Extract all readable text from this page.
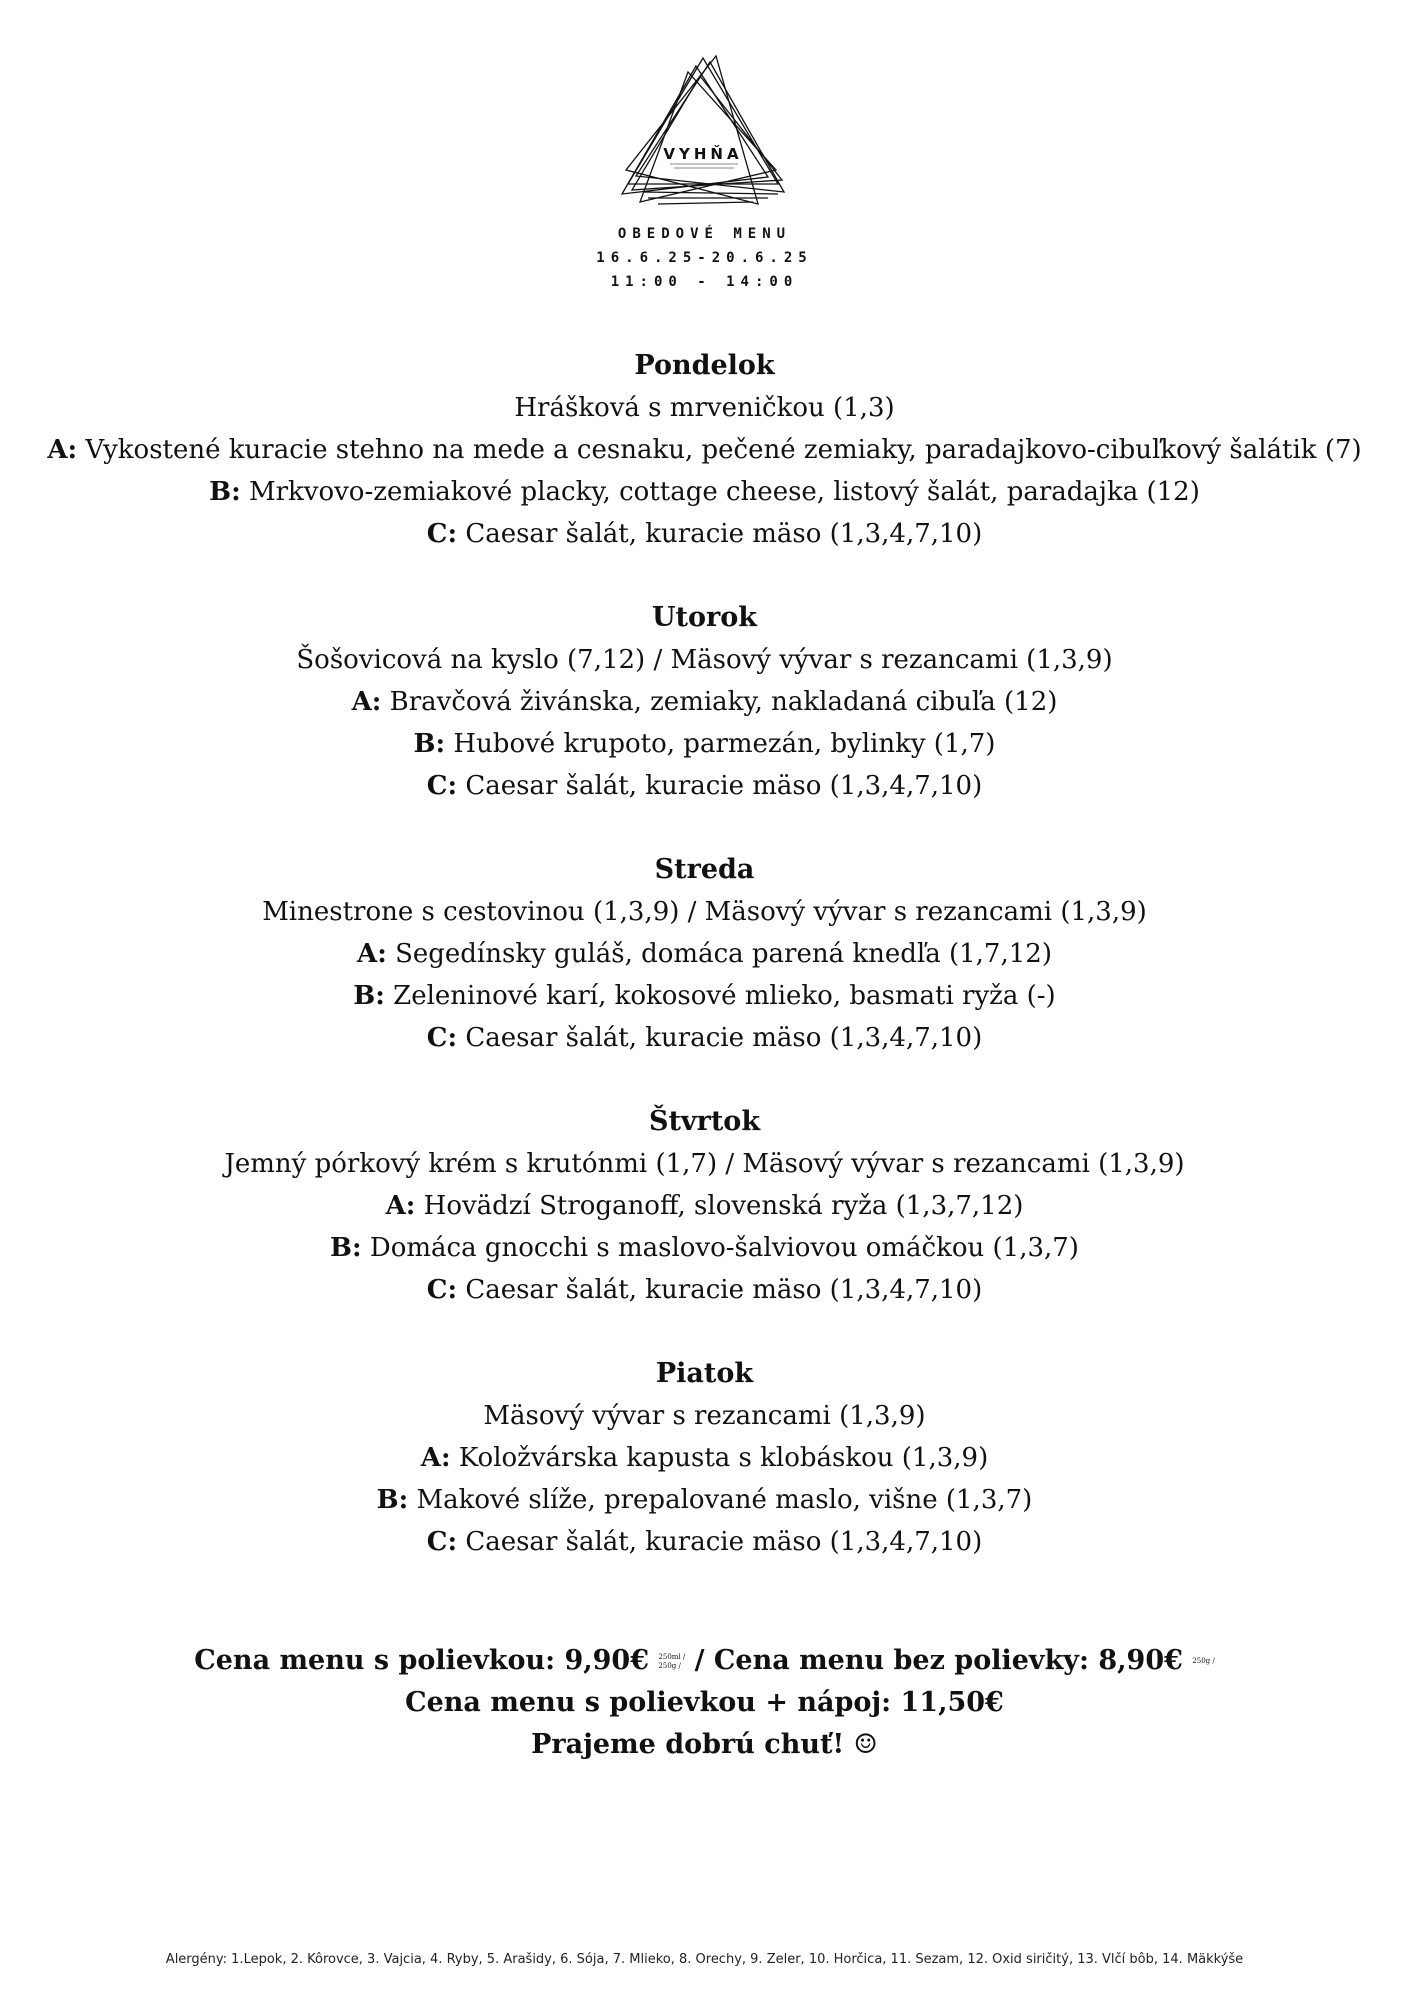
VYHŇA
OBEDOVÉ MENU
16.6.25-20.6.25
11:00 - 14:00
Pondelok
Hrášková s mrveničkou (1,3)
A: Vykostené kuracie stehno na mede a cesnaku, pečené zemiaky, paradajkovo-cibuľkový šalátik (7)
B: Mrkvovo-zemiakové placky, cottage cheese, listový šalát, paradajka (12)
C: Caesar šalát, kuracie mäso (1,3,4,7,10)
Utorok
Šošovicová na kyslo (7,12) / Mäsový vývar s rezancami (1,3,9)
A: Bravčová živánska, zemiaky, nakladaná cibuľa (12)
B: Hubové krupoto, parmezán, bylinky (1,7)
C: Caesar šalát, kuracie mäso (1,3,4,7,10)
Streda
Minestrone s cestovinou (1,3,9) / Mäsový vývar s rezancami (1,3,9)
A: Segedínsky guláš, domáca parená knedľa (1,7,12)
B: Zeleninové karí, kokosové mlieko, basmati ryža (-)
C: Caesar šalát, kuracie mäso (1,3,4,7,10)
Štvrtok
Jemný pórkový krém s krutónmi (1,7) / Mäsový vývar s rezancami (1,3,9)
A: Hovädzí Stroganoff, slovenská ryža (1,3,7,12)
B: Domáca gnocchi s maslovo-šalviovou omáčkou (1,3,7)
C: Caesar šalát, kuracie mäso (1,3,4,7,10)
Piatok
Mäsový vývar s rezancami (1,3,9)
A: Koložvárska kapusta s klobáskou (1,3,9)
B: Makové slíže, prepalované maslo, višne (1,3,7)
C: Caesar šalát, kuracie mäso (1,3,4,7,10)
Cena menu s polievkou: 9,90€ 250ml /
250g / / Cena menu bez polievky: 8,90€ 250g /
Cena menu s polievkou + nápoj: 11,50€
Prajeme dobrú chuť! ☺
Alergény: 1.Lepok, 2. Kôrovce, 3. Vajcia, 4. Ryby, 5. Arašidy, 6. Sója, 7. Mlieko, 8. Orechy, 9. Zeler, 10. Horčica, 11. Sezam, 12. Oxid siričitý, 13. Vlčí bôb, 14. Mäkkýše
